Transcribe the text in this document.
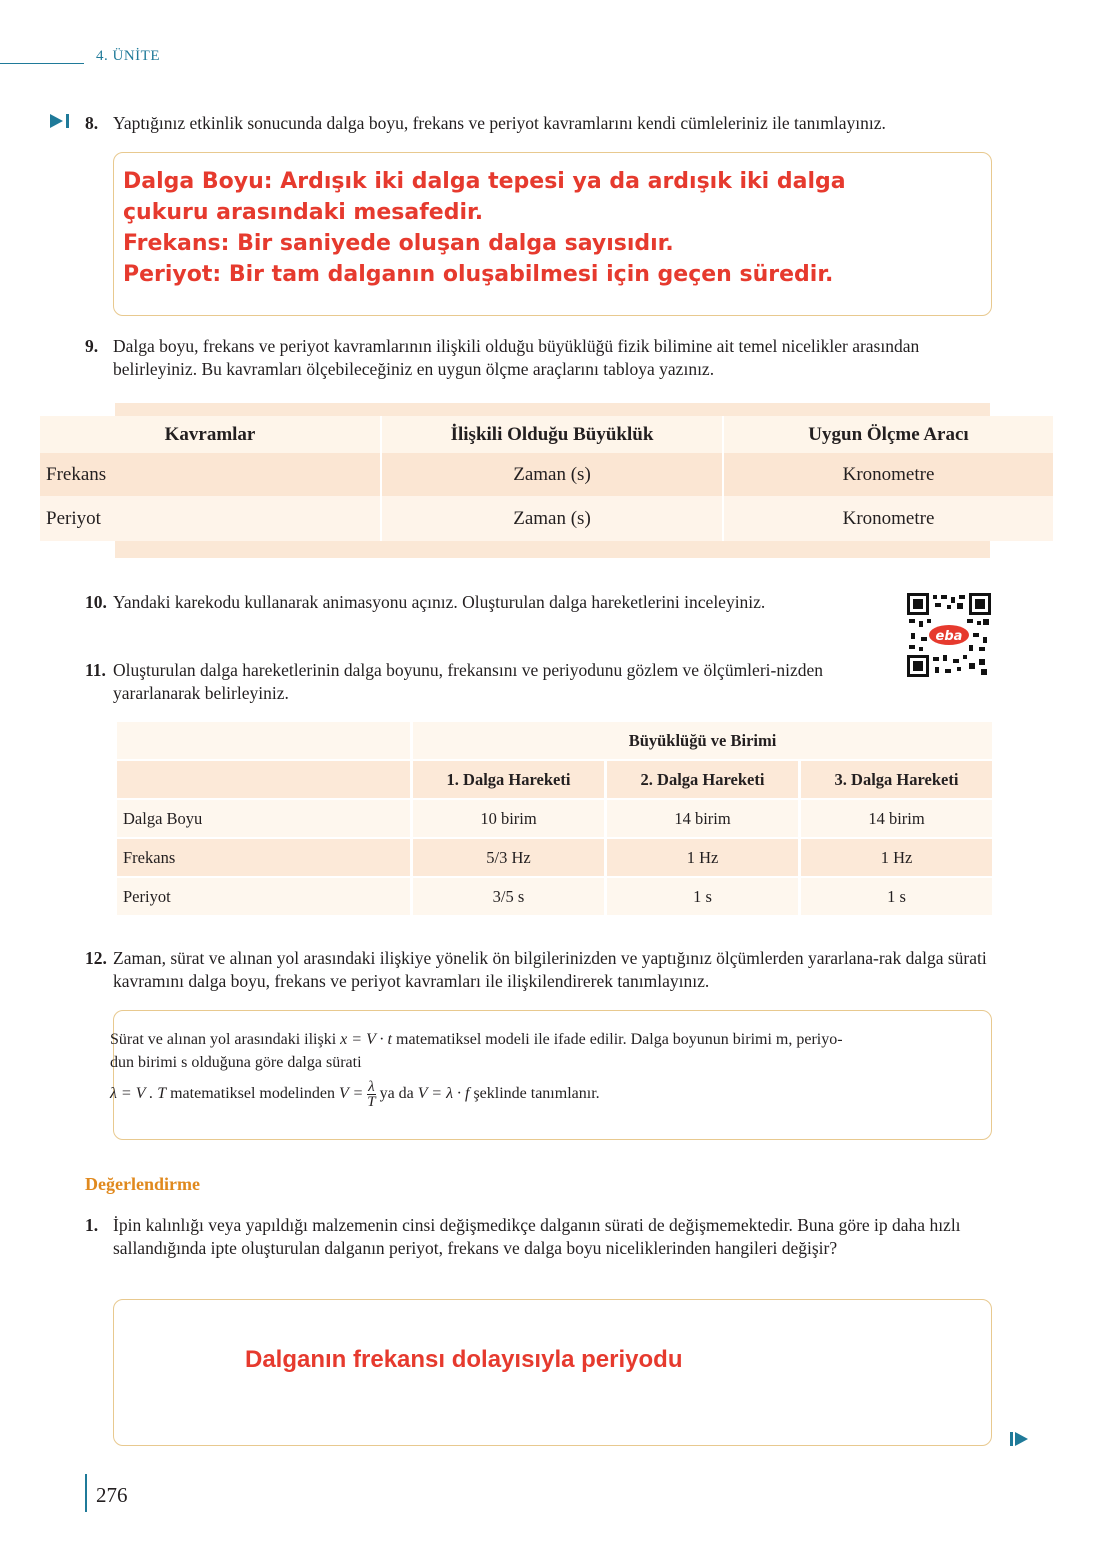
4. ÜNİTE
8. Yaptığınız etkinlik sonucunda dalga boyu, frekans ve periyot kavramlarını kendi cümleleriniz ile tanımlayınız.
Dalga Boyu: Ardışık iki dalga tepesi ya da ardışık iki dalga
çukuru arasındaki mesafedir.
Frekans: Bir saniyede oluşan dalga sayısıdır.
Periyot: Bir tam dalganın oluşabilmesi için geçen süredir.
9. Dalga boyu, frekans ve periyot kavramlarının ilişkili olduğu büyüklüğü fizik bilimine ait temel nicelikler arasından belirleyiniz. Bu kavramları ölçebileceğiniz en uygun ölçme araçlarını tabloya yazınız.
Kavramlar	İlişkili Olduğu Büyüklük	Uygun Ölçme Aracı
Frekans	Zaman (s)	Kronometre
Periyot	Zaman (s)	Kronometre
10. Yandaki karekodu kullanarak animasyonu açınız. Oluşturulan dalga hareketlerini inceleyiniz.
eba
11. Oluşturulan dalga hareketlerinin dalga boyunu, frekansını ve periyodunu gözlem ve ölçümleri-nizden yararlanarak belirleyiniz.
	Büyüklüğü ve Birimi		
	1. Dalga Hareketi	2. Dalga Hareketi	3. Dalga Hareketi
Dalga Boyu	10 birim	14 birim	14 birim
Frekans	5/3 Hz	1 Hz	1 Hz
Periyot	3/5 s	1 s	1 s
12. Zaman, sürat ve alınan yol arasındaki ilişkiye yönelik ön bilgilerinizden ve yaptığınız ölçümlerden yararlana-rak dalga sürati kavramını dalga boyu, frekans ve periyot kavramları ile ilişkilendirerek tanımlayınız.
Sürat ve alınan yol arasındaki ilişki x = V · t matematiksel modeli ile ifade edilir. Dalga boyunun birimi m, periyo-
dun birimi s olduğuna göre dalga sürati
λ = V . T matematiksel modelinden $V = \frac{\lambda}{T}$ ya da V = λ · f şeklinde tanımlanır.
Değerlendirme
1. İpin kalınlığı veya yapıldığı malzemenin cinsi değişmedikçe dalganın sürati de değişmemektedir. Buna göre ip daha hızlı sallandığında ipte oluşturulan dalganın periyot, frekans ve dalga boyu niceliklerinden hangileri değişir?
Dalganın frekansı dolayısıyla periyodu
276
